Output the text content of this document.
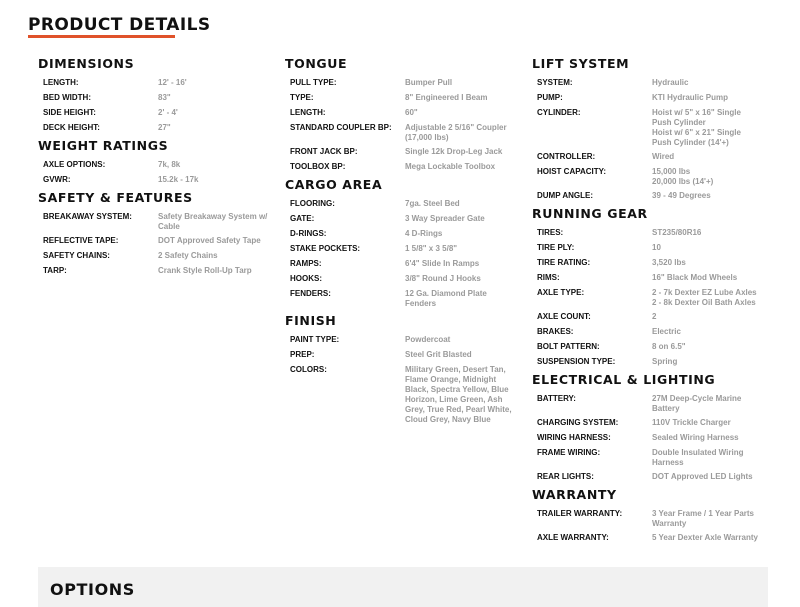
PRODUCT DETAILS
DIMENSIONS
LENGTH:	12' - 16'
BED WIDTH:	83"
SIDE HEIGHT:	2' - 4'
DECK HEIGHT:	27"
WEIGHT RATINGS
AXLE OPTIONS:	7k, 8k
GVWR:	15.2k - 17k
SAFETY & FEATURES
BREAKAWAY SYSTEM:	Safety Breakaway System w/ Cable
REFLECTIVE TAPE:	DOT Approved Safety Tape
SAFETY CHAINS:	2 Safety Chains
TARP:	Crank Style Roll-Up Tarp
TONGUE
PULL TYPE:	Bumper Pull
TYPE:	8" Engineered I Beam
LENGTH:	60"
STANDARD COUPLER BP:	Adjustable 2 5/16" Coupler (17,000 lbs)
FRONT JACK BP:	Single 12k Drop-Leg Jack
TOOLBOX BP:	Mega Lockable Toolbox
CARGO AREA
FLOORING:	7ga. Steel Bed
GATE:	3 Way Spreader Gate
D-RINGS:	4 D-Rings
STAKE POCKETS:	1 5/8" x 3 5/8"
RAMPS:	6'4" Slide In Ramps
HOOKS:	3/8" Round J Hooks
FENDERS:	12 Ga. Diamond Plate Fenders
FINISH
PAINT TYPE:	Powdercoat
PREP:	Steel Grit Blasted
COLORS:	Military Green, Desert Tan, Flame Orange, Midnight Black, Spectra Yellow, Blue Horizon, Lime Green, Ash Grey, True Red, Pearl White, Cloud Grey, Navy Blue
LIFT SYSTEM
SYSTEM:	Hydraulic
PUMP:	KTI Hydraulic Pump
CYLINDER:	Hoist w/ 5" x 16" Single Push Cylinder
Hoist w/ 6" x 21" Single Push Cylinder (14'+)
CONTROLLER:	Wired
HOIST CAPACITY:	15,000 lbs
20,000 lbs (14'+)
DUMP ANGLE:	39 - 49 Degrees
RUNNING GEAR
TIRES:	ST235/80R16
TIRE PLY:	10
TIRE RATING:	3,520 lbs
RIMS:	16" Black Mod Wheels
AXLE TYPE:	2 - 7k Dexter EZ Lube Axles
2 - 8k Dexter Oil Bath Axles
AXLE COUNT:	2
BRAKES:	Electric
BOLT PATTERN:	8 on 6.5"
SUSPENSION TYPE:	Spring
ELECTRICAL & LIGHTING
BATTERY:	27M Deep-Cycle Marine Battery
CHARGING SYSTEM:	110V Trickle Charger
WIRING HARNESS:	Sealed Wiring Harness
FRAME WIRING:	Double Insulated Wiring Harness
REAR LIGHTS:	DOT Approved LED Lights
WARRANTY
TRAILER WARRANTY:	3 Year Frame / 1 Year Parts Warranty
AXLE WARRANTY:	5 Year Dexter Axle Warranty
OPTIONS
